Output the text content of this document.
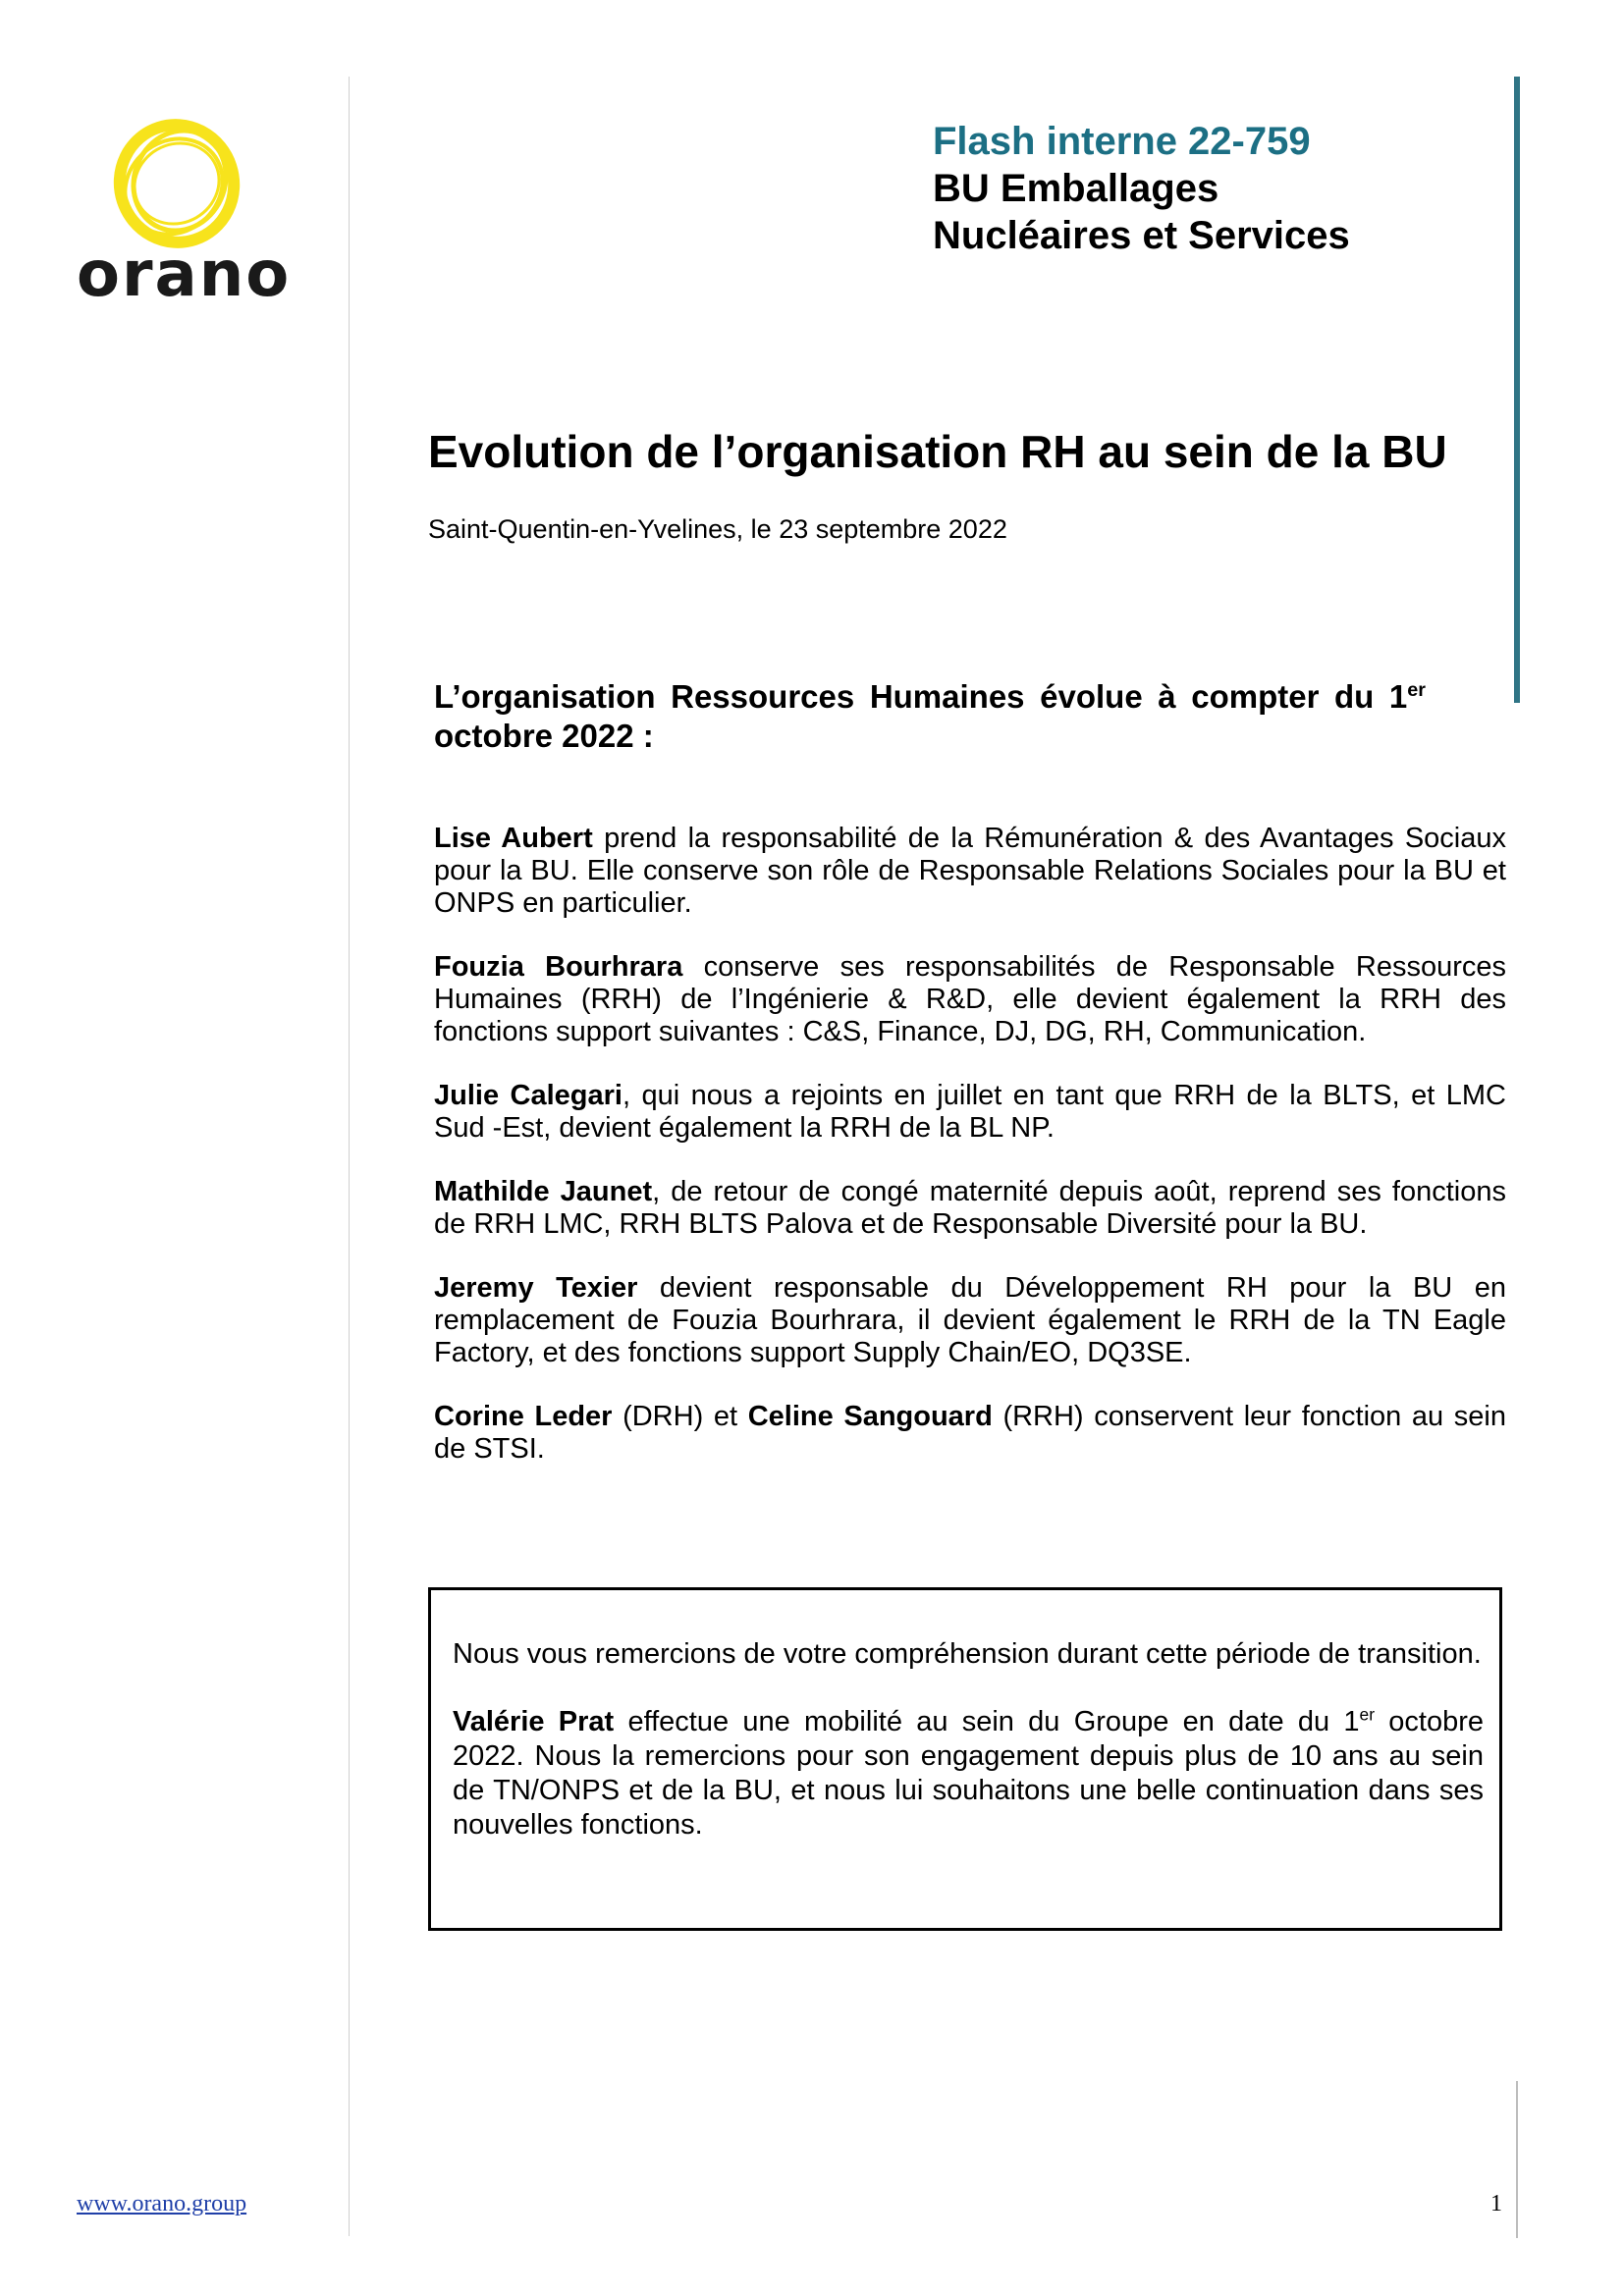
orano
Flash interne 22-759
BU Emballages
Nucléaires et Services
Evolution de l’organisation RH au sein de la BU
Saint-Quentin-en-Yvelines, le 23 septembre 2022
L’organisation Ressources Humaines évolue à compter du 1er octobre 2022 :

Lise Aubert prend la responsabilité de la Rémunération & des Avantages Sociaux pour la BU. Elle conserve son rôle de Responsable Relations Sociales pour la BU et ONPS en particulier.

Fouzia Bourhrara conserve ses responsabilités de Responsable Ressources Humaines (RRH) de l’Ingénierie & R&D, elle devient également la RRH des fonctions support suivantes : C&S, Finance, DJ, DG, RH, Communication.

Julie Calegari, qui nous a rejoints en juillet en tant que RRH de la BLTS, et LMC Sud -Est, devient également la RRH de la BL NP.

Mathilde Jaunet, de retour de congé maternité depuis août, reprend ses fonctions de RRH LMC, RRH BLTS Palova et de Responsable Diversité pour la BU.

Jeremy Texier devient responsable du Développement RH pour la BU en remplacement de Fouzia Bourhrara, il devient également le RRH de la TN Eagle Factory, et des fonctions support Supply Chain/EO, DQ3SE.

Corine Leder (DRH) et Celine Sangouard (RRH) conservent leur fonction au sein de STSI.

Nous vous remercions de votre compréhension durant cette période de transition.

Valérie Prat effectue une mobilité au sein du Groupe en date du 1er octobre 2022. Nous la remercions pour son engagement depuis plus de 10 ans au sein de TN/ONPS et de la BU, et nous lui souhaitons une belle continuation dans ses nouvelles fonctions.

www.orano.group	1
